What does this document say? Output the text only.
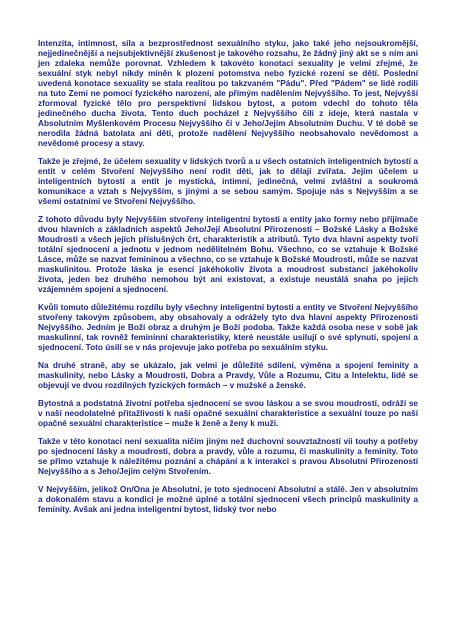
Intenzita, intimnost, síla a bezprostřednost sexuálního styku, jako také jeho nejsoukromější, nejjedinečnější a nejsubjektivnější zkušenost je takového rozsahu, že žádný jiný akt se s ním ani jen zdaleka nemůže porovnat. Vzhledem k takovéto konotaci sexuality je velmi zřejmé, že sexuální styk nebyl nikdy míněn k plození potomstva nebo fyzické rození se dětí. Poslední uvedená konotace sexuality se stala realitou po takzvaném "Pádu". Před "Pádem" se lidé rodili na tuto Zemi ne pomocí fyzického narození, ale přímým nadělením Nejvyššího. To jest, Nejvyšší zformoval fyzické tělo pro perspektivní lidskou bytost, a potom vdechl do tohoto těla jedinečného ducha života. Tento duch pocházel z Nejvyššího čili z ideje, která nastala v Absolutním Myšlenkovém Procesu Nejvyššího či v Jeho/Jejím Absolutním Duchu. V té době se nerodila žádná batolata ani děti, protože nadělení Nejvyššího neobsahovalo nevědomost a nevědomé procesy a stavy.

Takže je zřejmé, že účelem sexuality v lidských tvorů a u všech ostatních inteligentních bytostí a entit v celém Stvoření Nejvyššího není rodit děti, jak to dělají zvířata. Jejím účelem u inteligentních bytostí a entit je mystická, intimní, jedinečná, velmi zvláštní a soukromá komunikace a vztah s Nejvyšším, s jinými a se sebou samým. Spojuje nás s Nejvyšším a se všemi ostatními ve Stvoření Nejvyššího.

Z tohoto důvodu byly Nejvyšším stvořeny inteligentní bytosti a entity jako formy nebo příjímače dvou hlavních a základních aspektů Jeho/Její Absolutní Přirozenosti – Božské Lásky a Božské Moudrosti a všech jejích příslušných črt, charakteristik a atributů. Tyto dva hlavní aspekty tvoří totální sjednocení a jednotu v jednom nedělitelném Bohu. Všechno, co se vztahuje k Božské Lásce, může se nazvat femininou a všechno, co se vztahuje k Božské Moudrosti, může se nazvat maskulinitou. Protože láska je esencí jakéhokoliv života a moudrost substancí jakéhokoliv života, jeden bez druhého nemohou být ani existovat, a existuje neustálá snaha po jejich vzájemném spojení a sjednocení.

Kvůli tomuto důležitému rozdílu byly všechny inteligentní bytosti a entity ve Stvoření Nejvyššího stvořeny takovým způsobem, aby obsahovaly a odrážely tyto dva hlavní aspekty Přirozenosti Nejvyššího. Jedním je Boží obraz a druhým je Boží podoba. Takže každá osoba nese v sobě jak maskulinní, tak rovněž feminínní charakteristiky, které neustále usilují o své splynutí, spojení a sjednocení. Toto úsilí se v nás projevuje jako potřeba po sexuálním styku.

Na druhé straně, aby se ukázalo, jak velmi je důležité sdílení, výměna a spojení feminity a maskulinity, nebo Lásky a Moudrosti, Dobra a Pravdy, Vůle a Rozumu, Citu a Intelektu, lidé se objevují ve dvou rozdílných fyzických formách – v mužské a ženské.

Bytostná a podstatná životní potřeba sjednocení se svou láskou a se svou moudrostí, odráží se v naší neodolatelné přitažlivosti k naší opačné sexuální charakteristice a sexuální touze po naší opačné sexuální charakteristice – muže k ženě a ženy k muži.

Takže v této konotaci není sexualita ničím jiným než duchovní souvztažností víi touhy a potřeby po sjednocení lásky a moudrosti, dobra a pravdy, vůle a rozumu, či maskulinity a feminity. Toto se přímo vztahuje k náležitému poznání a chápání a k interakci s pravou Absolutní Přirozeností Nejvyššího a s Jeho/Jejím celým Stvořením.

V Nejvyšším, jelikož On/Ona je Absolutní, je toto sjednocení Absolutní a stálé. Jen v absolutním a dokonalém stavu a kondici je možné úplné a totální sjednocení všech principů maskulinity a feminity. Avšak ani jedna inteligentní bytost, lidský tvor nebo
